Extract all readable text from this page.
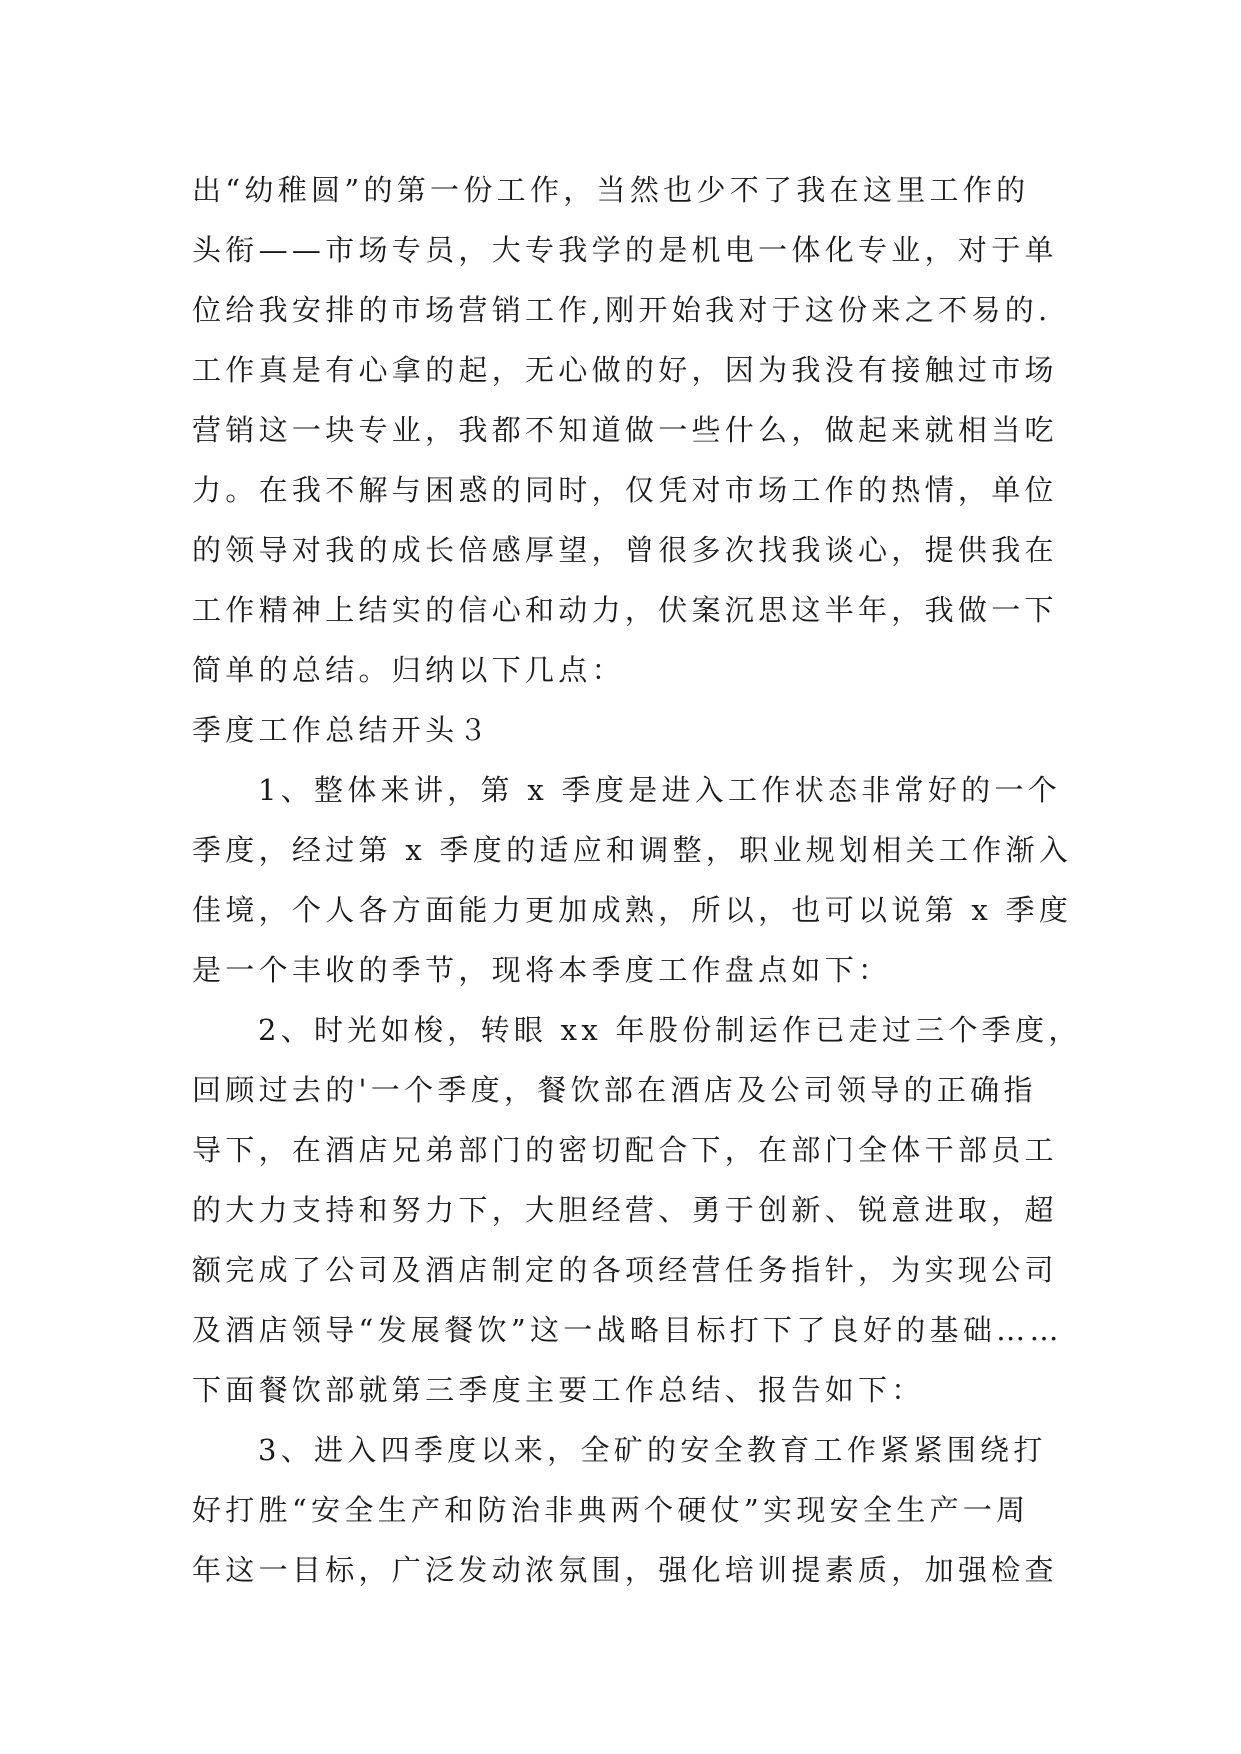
出“幼稚圆”的第一份工作，当然也少不了我在这里工作的
头衔——市场专员，大专我学的是机电一体化专业，对于单
位给我安排的市场营销工作,刚开始我对于这份来之不易的.
工作真是有心拿的起，无心做的好，因为我没有接触过市场
营销这一块专业，我都不知道做一些什么，做起来就相当吃
力。在我不解与困惑的同时，仅凭对市场工作的热情，单位
的领导对我的成长倍感厚望，曾很多次找我谈心，提供我在
工作精神上结实的信心和动力，伏案沉思这半年，我做一下
简单的总结。归纳以下几点：
季度工作总结开头３
1、整体来讲，第 x 季度是进入工作状态非常好的一个
季度，经过第 x 季度的适应和调整，职业规划相关工作渐入
佳境，个人各方面能力更加成熟，所以，也可以说第 x 季度
是一个丰收的季节，现将本季度工作盘点如下：
2、时光如梭，转眼 xx 年股份制运作已走过三个季度，
回顾过去的'一个季度，餐饮部在酒店及公司领导的正确指
导下，在酒店兄弟部门的密切配合下，在部门全体干部员工
的大力支持和努力下，大胆经营、勇于创新、锐意进取，超
额完成了公司及酒店制定的各项经营任务指针，为实现公司
及酒店领导“发展餐饮”这一战略目标打下了良好的基础……
下面餐饮部就第三季度主要工作总结、报告如下：
3、进入四季度以来，全矿的安全教育工作紧紧围绕打
好打胜“安全生产和防治非典两个硬仗”实现安全生产一周
年这一目标，广泛发动浓氛围，强化培训提素质，加强检查
